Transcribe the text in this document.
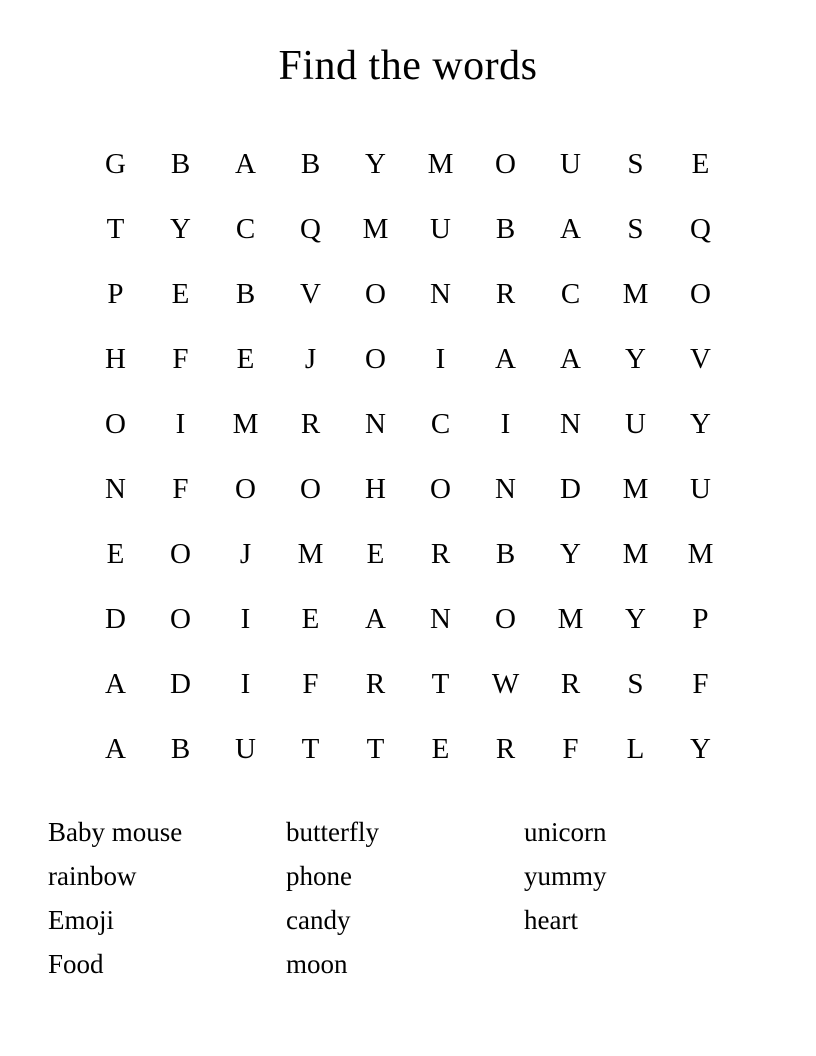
Find the words
G	B	A	B	Y	M	O	U	S	E
T	Y	C	Q	M	U	B	A	S	Q
P	E	B	V	O	N	R	C	M	O
H	F	E	J	O	I	A	A	Y	V
O	I	M	R	N	C	I	N	U	Y
N	F	O	O	H	O	N	D	M	U
E	O	J	M	E	R	B	Y	M	M
D	O	I	E	A	N	O	M	Y	P
A	D	I	F	R	T	W	R	S	F
A	B	U	T	T	E	R	F	L	Y
Baby mouse
rainbow
Emoji
Food
butterfly
phone
candy
moon
unicorn
yummy
heart
